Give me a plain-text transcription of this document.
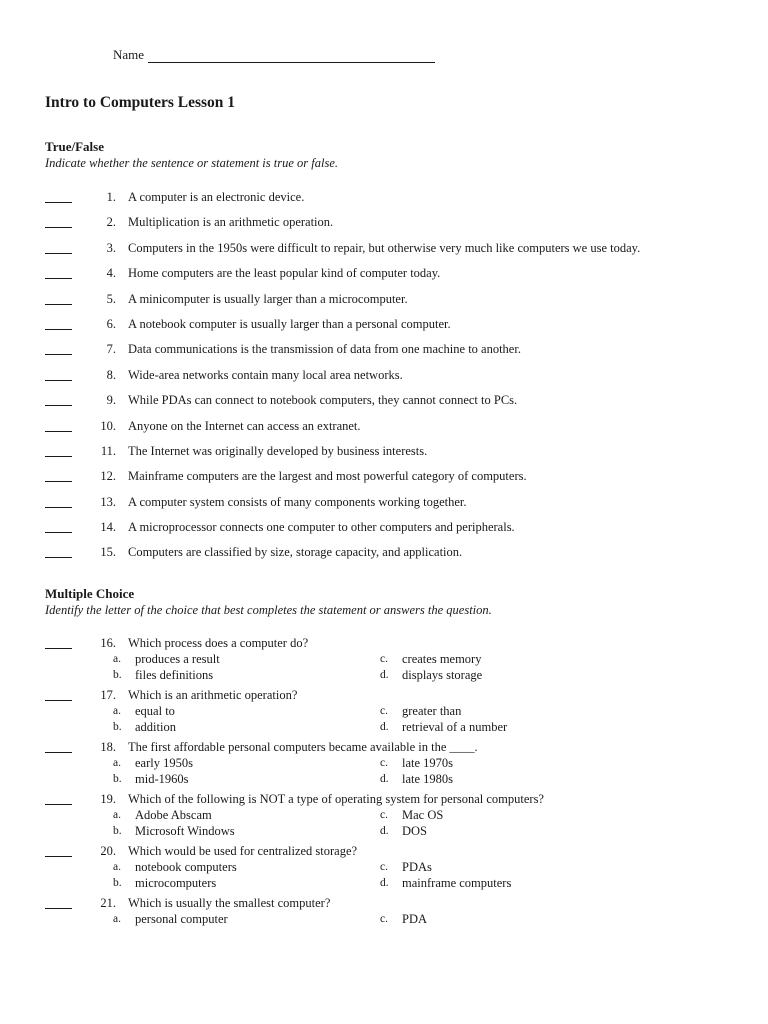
Name
Intro to Computers Lesson 1
True/False

Indicate whether the sentence or statement is true or false.

1. A computer is an electronic device.
2. Multiplication is an arithmetic operation.
3. Computers in the 1950s were difficult to repair, but otherwise very much like computers we use today.
4. Home computers are the least popular kind of computer today.
5. A minicomputer is usually larger than a microcomputer.
6. A notebook computer is usually larger than a personal computer.
7. Data communications is the transmission of data from one machine to another.
8. Wide-area networks contain many local area networks.
9. While PDAs can connect to notebook computers, they cannot connect to PCs.
10. Anyone on the Internet can access an extranet.
11. The Internet was originally developed by business interests.
12. Mainframe computers are the largest and most powerful category of computers.
13. A computer system consists of many components working together.
14. A microprocessor connects one computer to other computers and peripherals.
15. Computers are classified by size, storage capacity, and application.
Multiple Choice

Identify the letter of the choice that best completes the statement or answers the question.

16. Which process does a computer do?
a.	produces a result	c.	creates memory
b.	files definitions	d.	displays storage
17. Which is an arithmetic operation?
a.	equal to	c.	greater than
b.	addition	d.	retrieval of a number
18. The first affordable personal computers became available in the ____.
a.	early 1950s	c.	late 1970s
b.	mid-1960s	d.	late 1980s
19. Which of the following is NOT a type of operating system for personal computers?
a.	Adobe Abscam	c.	Mac OS
b.	Microsoft Windows	d.	DOS
20. Which would be used for centralized storage?
a.	notebook computers	c.	PDAs
b.	microcomputers	d.	mainframe computers
21. Which is usually the smallest computer?
a.	personal computer	c.	PDA
